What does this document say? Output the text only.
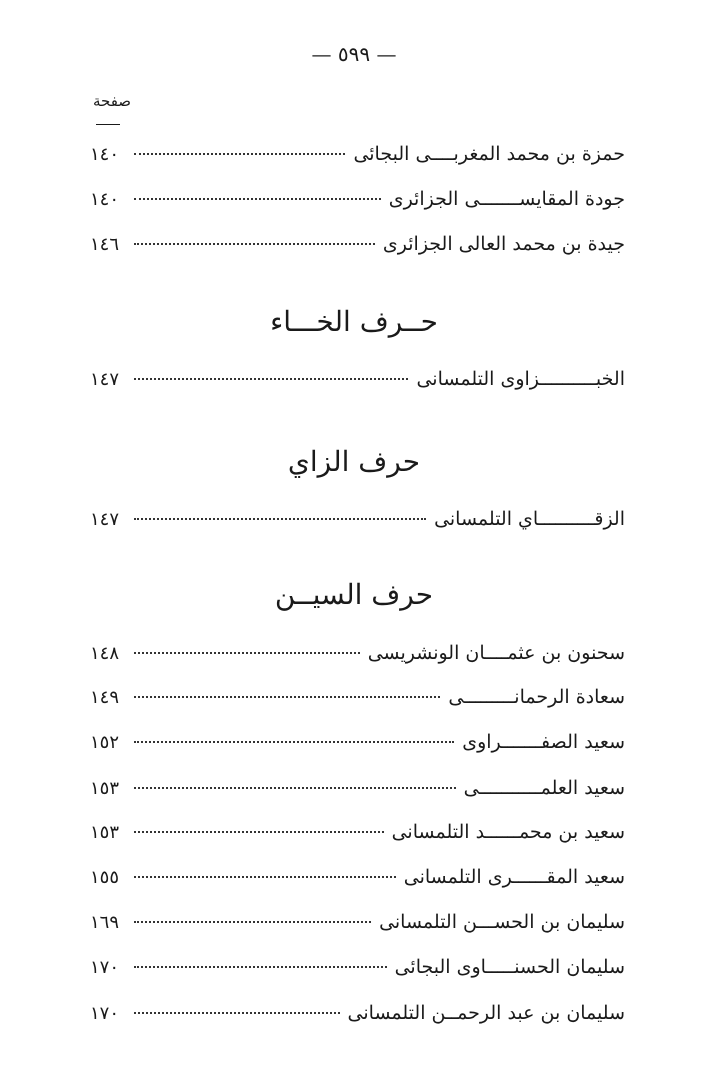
— ٥٩٩ —
صفحة
حمزة بن محمد المغربــــى البجائى
١٤٠
جودة المقايســـــــى الجزائرى
١٤٠
جيدة بن محمد العالى الجزائرى
١٤٦
حــرف الخـــاء
الخبــــــــــزاوى التلمسانى
١٤٧
حرف الزاي
الزقــــــــــاي التلمسانى
١٤٧
حرف السيــن
سحنون بن عثمــــان الونشريسى
١٤٨
سعادة الرحمانـــــــــى
١٤٩
سعيد الصفـــــــراوى
١٥٢
سعيد العلمـــــــــــى
١٥٣
سعيد بن محمــــــد التلمسانى
١٥٣
سعيد المقــــــرى التلمسانى
١٥٥
سليمان بن الحســـن التلمسانى
١٦٩
سليمان الحسنـــــاوى البجائى
١٧٠
سليمان بن عبد الرحمــن التلمسانى
١٧٠
